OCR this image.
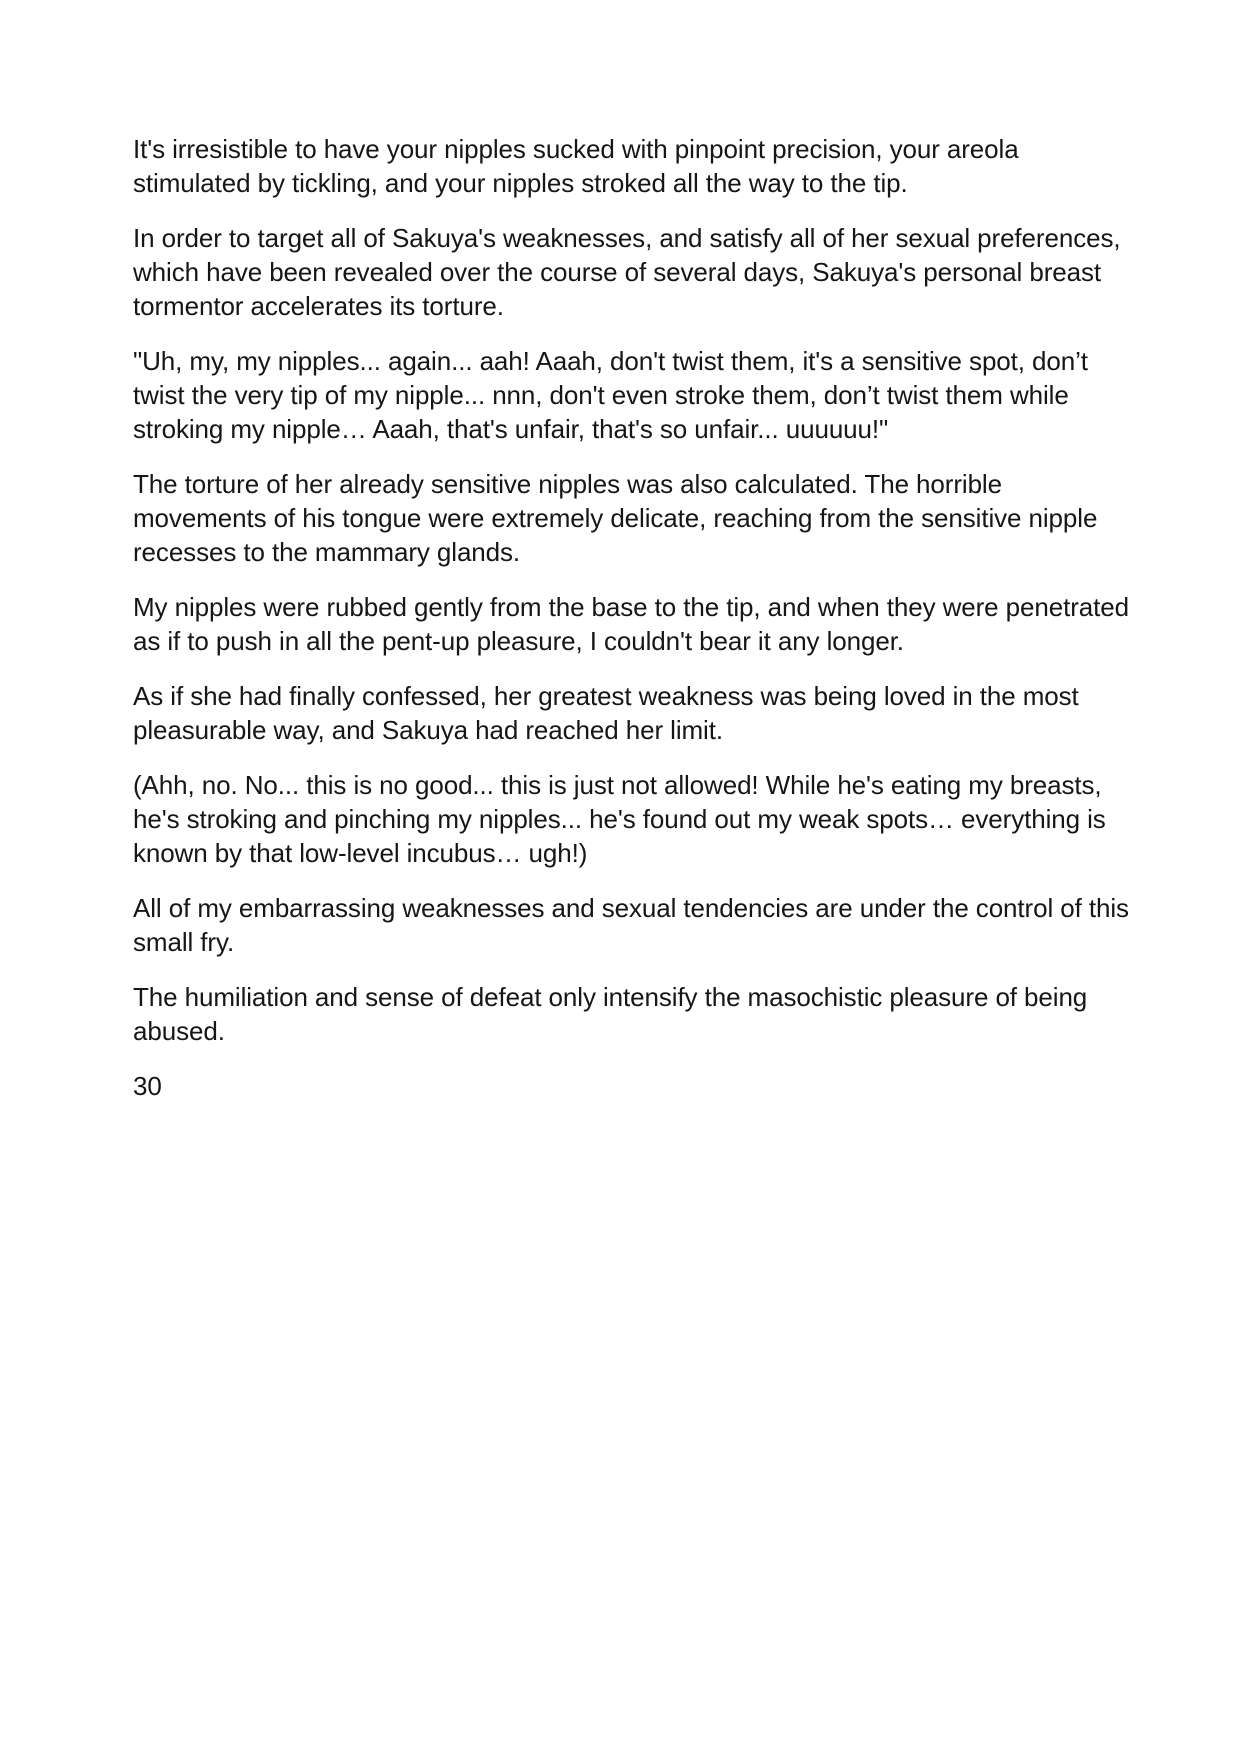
It's irresistible to have your nipples sucked with pinpoint precision, your areola stimulated by tickling, and your nipples stroked all the way to the tip.

In order to target all of Sakuya's weaknesses, and satisfy all of her sexual preferences, which have been revealed over the course of several days, Sakuya's personal breast tormentor accelerates its torture.

"Uh, my, my nipples... again... aah! Aaah, don't twist them, it's a sensitive spot, don’t twist the very tip of my nipple... nnn, don't even stroke them, don’t twist them while stroking my nipple… Aaah, that's unfair, that's so unfair... uuuuuu!"

The torture of her already sensitive nipples was also calculated. The horrible movements of his tongue were extremely delicate, reaching from the sensitive nipple recesses to the mammary glands.

My nipples were rubbed gently from the base to the tip, and when they were penetrated as if to push in all the pent-up pleasure, I couldn't bear it any longer.

As if she had finally confessed, her greatest weakness was being loved in the most pleasurable way, and Sakuya had reached her limit.

(Ahh, no. No... this is no good... this is just not allowed! While he's eating my breasts, he's stroking and pinching my nipples... he's found out my weak spots… everything is known by that low-level incubus… ugh!)

All of my embarrassing weaknesses and sexual tendencies are under the control of this small fry.

The humiliation and sense of defeat only intensify the masochistic pleasure of being abused.

30
